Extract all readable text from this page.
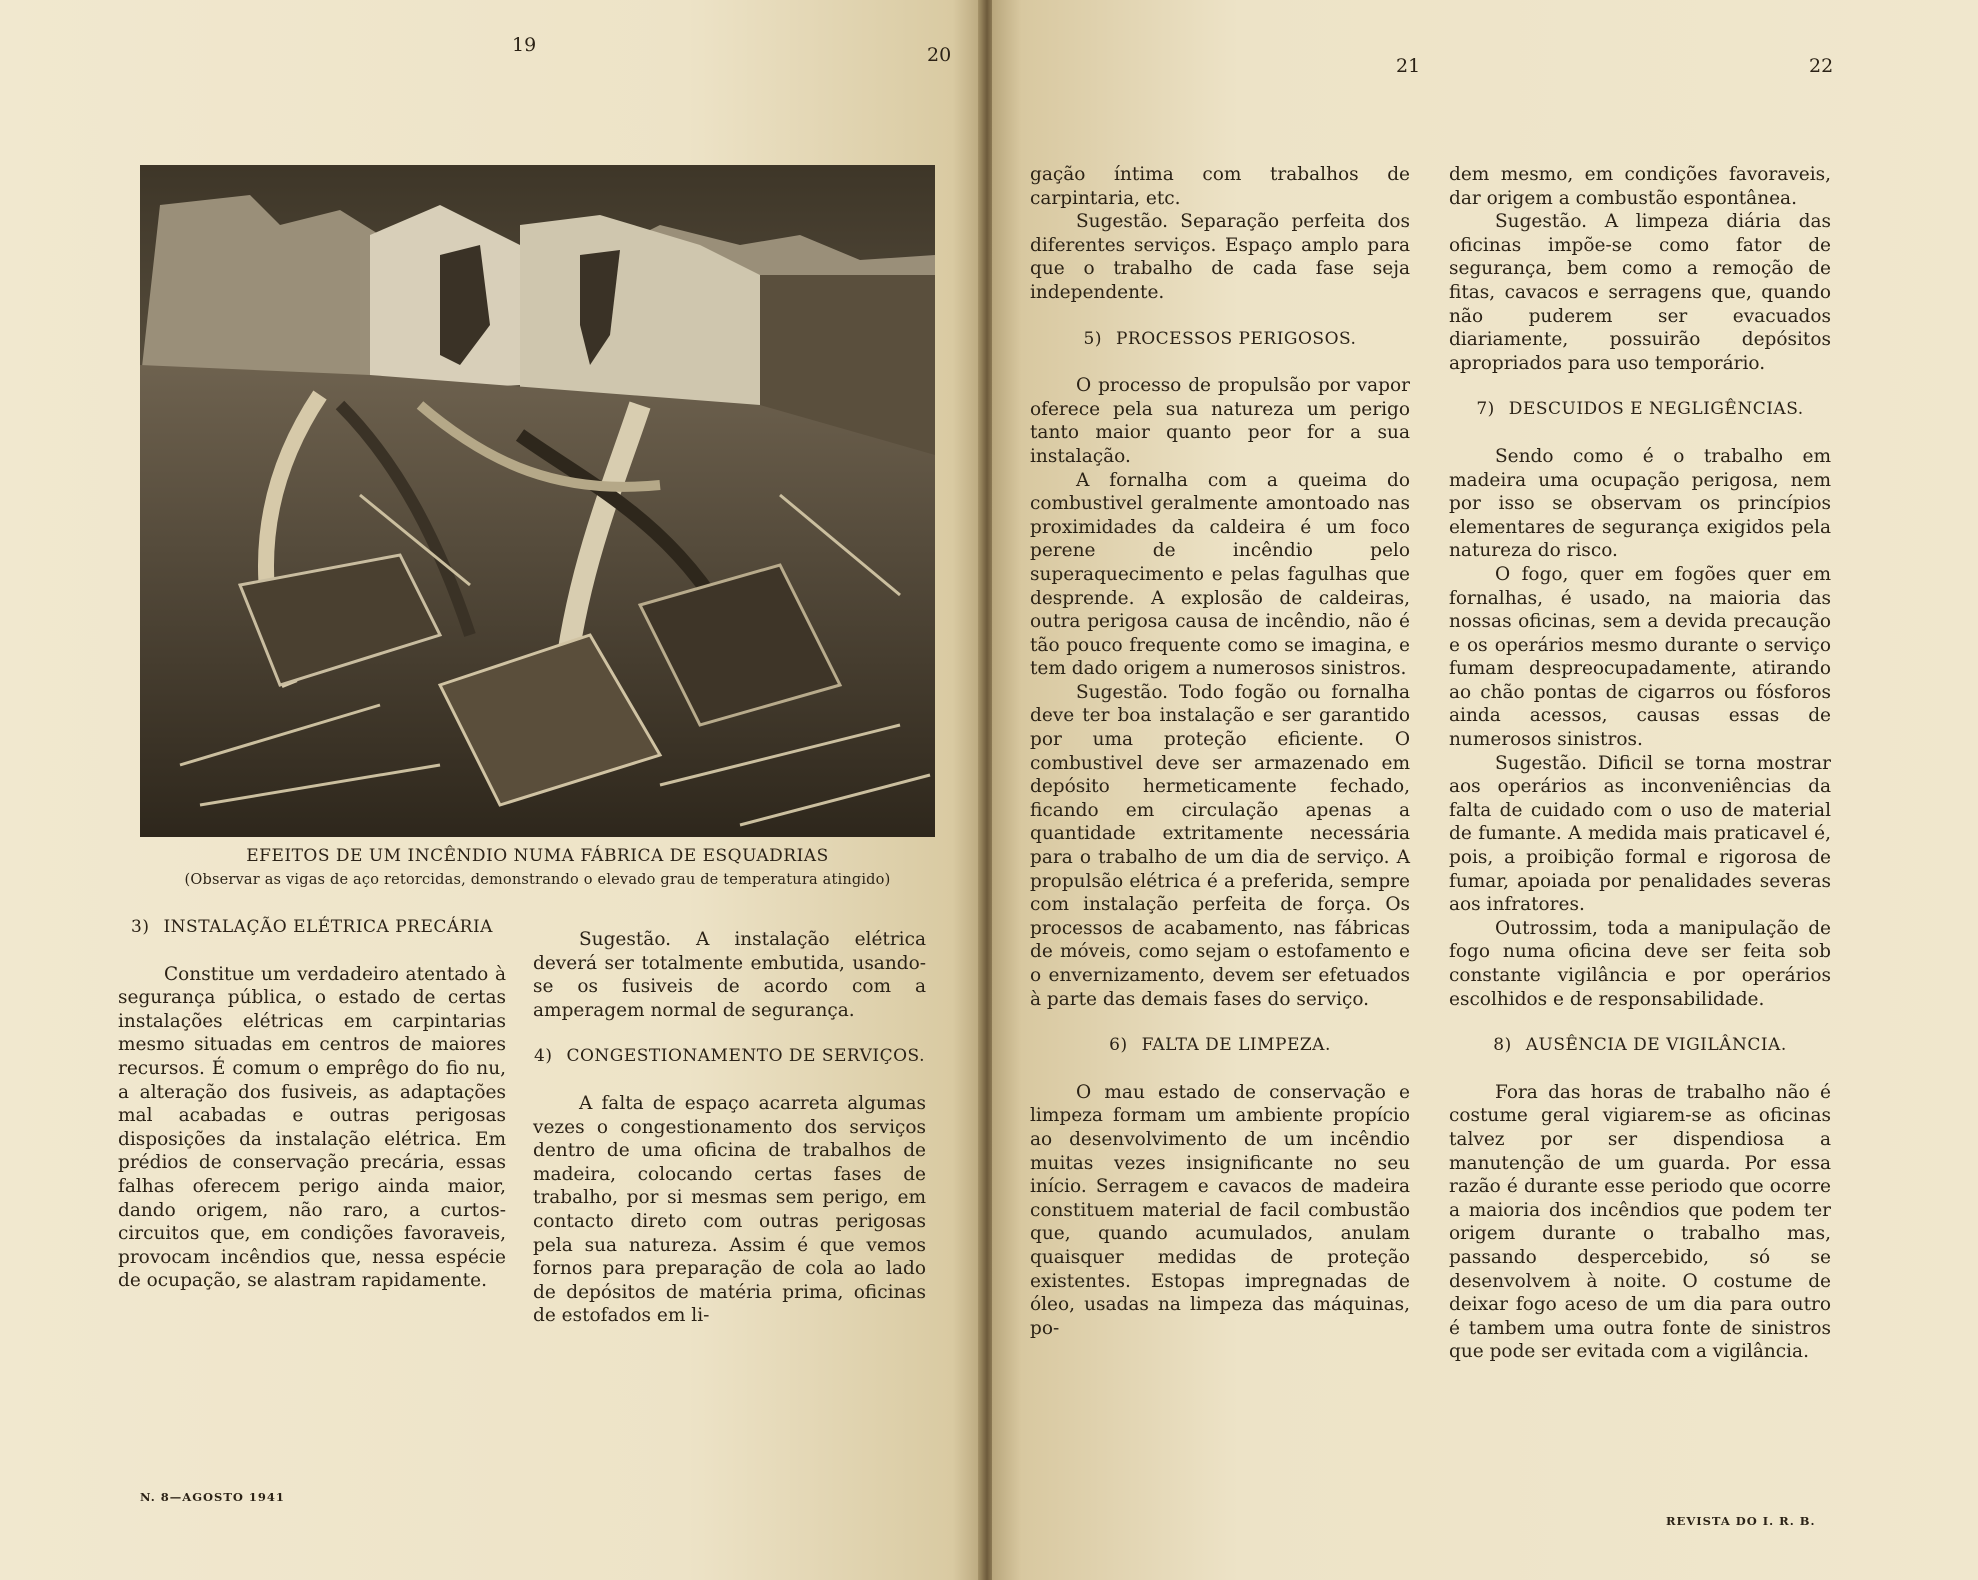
19	20
EFEITOS DE UM INCÊNDIO NUMA FÁBRICA DE ESQUADRIAS
(Observar as vigas de aço retorcidas, demonstrando o elevado grau de temperatura atingido)

3) INSTALAÇÃO ELÉTRICA PRECÁRIA

Constitue um verdadeiro atentado à segurança pública, o estado de certas instalações elétricas em carpintarias mesmo situadas em centros de maiores recursos. É comum o emprêgo do fio nu, a alteração dos fusiveis, as adaptações mal acabadas e outras perigosas disposições da instalação elétrica. Em prédios de conservação precária, essas falhas oferecem perigo ainda maior, dando origem, não raro, a curtos-circuitos que, em condições favoraveis, provocam incêndios que, nessa espécie de ocupação, se alastram rapidamente.

Sugestão. A instalação elétrica deverá ser totalmente embutida, usando-se os fusiveis de acordo com a amperagem normal de segurança.

4) CONGESTIONAMENTO DE SERVIÇOS.

A falta de espaço acarreta algumas vezes o congestionamento dos serviços dentro de uma oficina de trabalhos de madeira, colocando certas fases de trabalho, por si mesmas sem perigo, em contacto direto com outras perigosas pela sua natureza. Assim é que vemos fornos para preparação de cola ao lado de depósitos de matéria prima, oficinas de estofados em li-

N. 8—AGOSTO 1941
21	22

gação íntima com trabalhos de carpintaria, etc.

Sugestão. Separação perfeita dos diferentes serviços. Espaço amplo para que o trabalho de cada fase seja independente.

5) PROCESSOS PERIGOSOS.

O processo de propulsão por vapor oferece pela sua natureza um perigo tanto maior quanto peor for a sua instalação.

A fornalha com a queima do combustivel geralmente amontoado nas proximidades da caldeira é um foco perene de incêndio pelo superaquecimento e pelas fagulhas que desprende. A explosão de caldeiras, outra perigosa causa de incêndio, não é tão pouco frequente como se imagina, e tem dado origem a numerosos sinistros.

Sugestão. Todo fogão ou fornalha deve ter boa instalação e ser garantido por uma proteção eficiente. O combustivel deve ser armazenado em depósito hermeticamente fechado, ficando em circulação apenas a quantidade extritamente necessária para o trabalho de um dia de serviço. A propulsão elétrica é a preferida, sempre com instalação perfeita de força. Os processos de acabamento, nas fábricas de móveis, como sejam o estofamento e o envernizamento, devem ser efetuados à parte das demais fases do serviço.

6) FALTA DE LIMPEZA.

O mau estado de conservação e limpeza formam um ambiente propício ao desenvolvimento de um incêndio muitas vezes insignificante no seu início. Serragem e cavacos de madeira constituem material de facil combustão que, quando acumulados, anulam quaisquer medidas de proteção existentes. Estopas impregnadas de óleo, usadas na limpeza das máquinas, po-

dem mesmo, em condições favoraveis, dar origem a combustão espontânea.

Sugestão. A limpeza diária das oficinas impõe-se como fator de segurança, bem como a remoção de fitas, cavacos e serragens que, quando não puderem ser evacuados diariamente, possuirão depósitos apropriados para uso temporário.

7) DESCUIDOS E NEGLIGÊNCIAS.

Sendo como é o trabalho em madeira uma ocupação perigosa, nem por isso se observam os princípios elementares de segurança exigidos pela natureza do risco.

O fogo, quer em fogões quer em fornalhas, é usado, na maioria das nossas oficinas, sem a devida precaução e os operários mesmo durante o serviço fumam despreocupadamente, atirando ao chão pontas de cigarros ou fósforos ainda acessos, causas essas de numerosos sinistros.

Sugestão. Dificil se torna mostrar aos operários as inconveniências da falta de cuidado com o uso de material de fumante. A medida mais praticavel é, pois, a proibição formal e rigorosa de fumar, apoiada por penalidades severas aos infratores.

Outrossim, toda a manipulação de fogo numa oficina deve ser feita sob constante vigilância e por operários escolhidos e de responsabilidade.

8) AUSÊNCIA DE VIGILÂNCIA.

Fora das horas de trabalho não é costume geral vigiarem-se as oficinas talvez por ser dispendiosa a manutenção de um guarda. Por essa razão é durante esse periodo que ocorre a maioria dos incêndios que podem ter origem durante o trabalho mas, passando despercebido, só se desenvolvem à noite. O costume de deixar fogo aceso de um dia para outro é tambem uma outra fonte de sinistros que pode ser evitada com a vigilância.

REVISTA DO I. R. B.
